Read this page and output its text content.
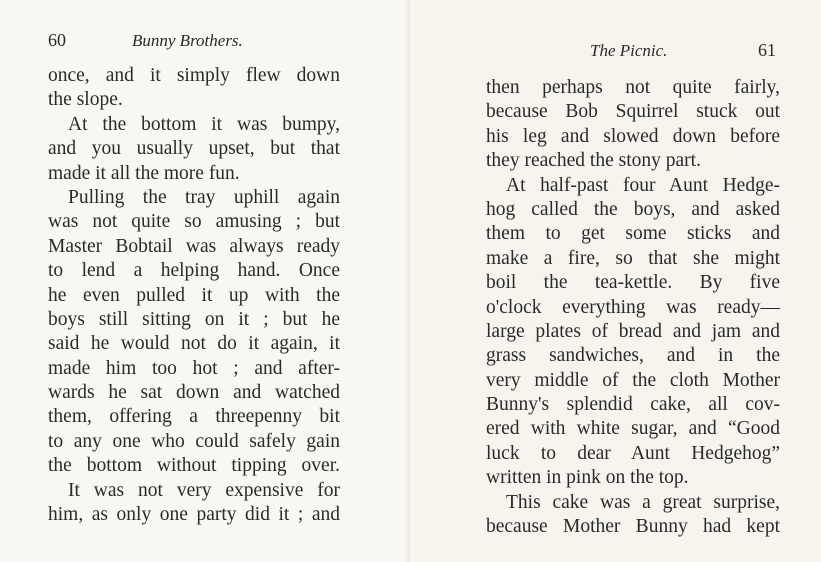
60	Bunny Brothers.
once, and it simply flew down
the slope.
At the bottom it was bumpy,
and you usually upset, but that
made it all the more fun.
Pulling the tray uphill again
was not quite so amusing ; but
Master Bobtail was always ready
to lend a helping hand. Once
he even pulled it up with the
boys still sitting on it ; but he
said he would not do it again, it
made him too hot ; and after-
wards he sat down and watched
them, offering a threepenny bit
to any one who could safely gain
the bottom without tipping over.
It was not very expensive for
him, as only one party did it ; and
The Picnic.	61
then perhaps not quite fairly,
because Bob Squirrel stuck out
his leg and slowed down before
they reached the stony part.
At half-past four Aunt Hedge-
hog called the boys, and asked
them to get some sticks and
make a fire, so that she might
boil the tea-kettle. By five
o'clock everything was ready—
large plates of bread and jam and
grass sandwiches, and in the
very middle of the cloth Mother
Bunny's splendid cake, all cov-
ered with white sugar, and “Good
luck to dear Aunt Hedgehog”
written in pink on the top.
This cake was a great surprise,
because Mother Bunny had kept
